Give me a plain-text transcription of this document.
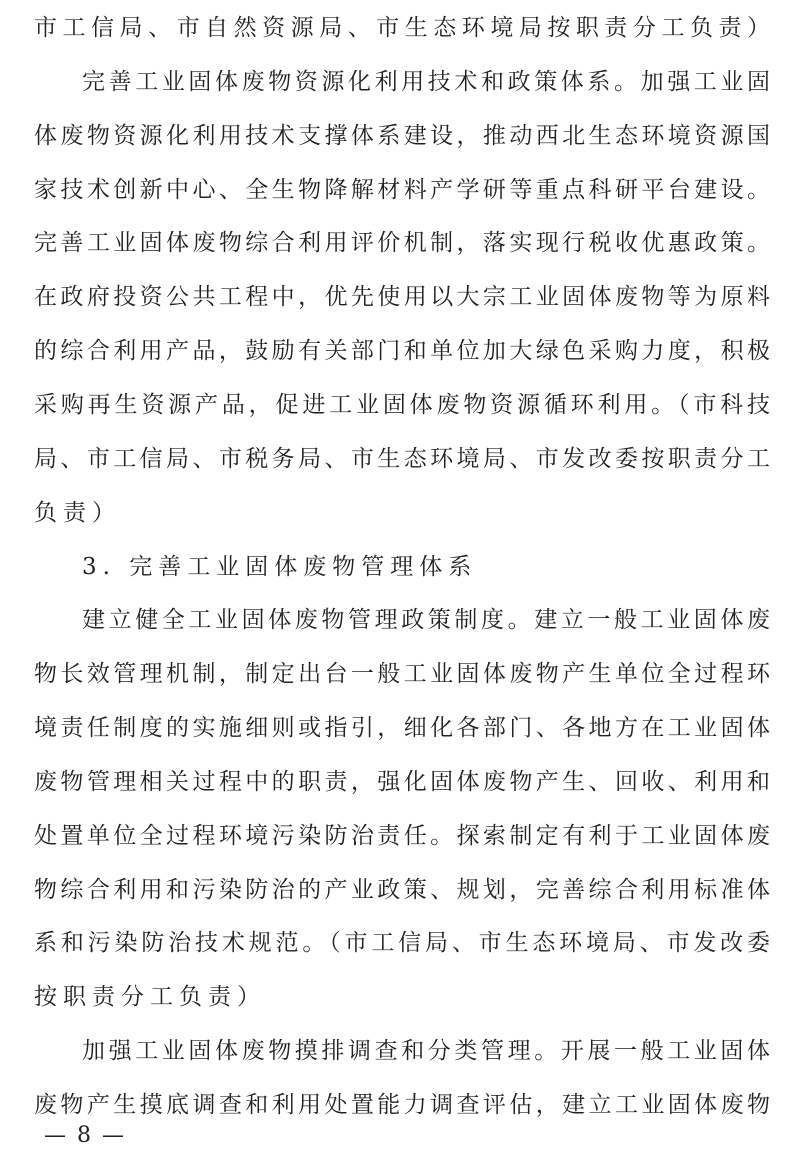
市工信局、市自然资源局、市生态环境局按职责分工负责）
完善工业固体废物资源化利用技术和政策体系。加强工业固
体废物资源化利用技术支撑体系建设，推动西北生态环境资源国
家技术创新中心、全生物降解材料产学研等重点科研平台建设。
完善工业固体废物综合利用评价机制，落实现行税收优惠政策。
在政府投资公共工程中，优先使用以大宗工业固体废物等为原料
的综合利用产品，鼓励有关部门和单位加大绿色采购力度，积极
采购再生资源产品，促进工业固体废物资源循环利用。（市科技
局、市工信局、市税务局、市生态环境局、市发改委按职责分工
负责）
3. 完善工业固体废物管理体系
建立健全工业固体废物管理政策制度。建立一般工业固体废
物长效管理机制，制定出台一般工业固体废物产生单位全过程环
境责任制度的实施细则或指引，细化各部门、各地方在工业固体
废物管理相关过程中的职责，强化固体废物产生、回收、利用和
处置单位全过程环境污染防治责任。探索制定有利于工业固体废
物综合利用和污染防治的产业政策、规划，完善综合利用标准体
系和污染防治技术规范。（市工信局、市生态环境局、市发改委
按职责分工负责）
加强工业固体废物摸排调查和分类管理。开展一般工业固体
废物产生摸底调查和利用处置能力调查评估，建立工业固体废物
— 8 —
